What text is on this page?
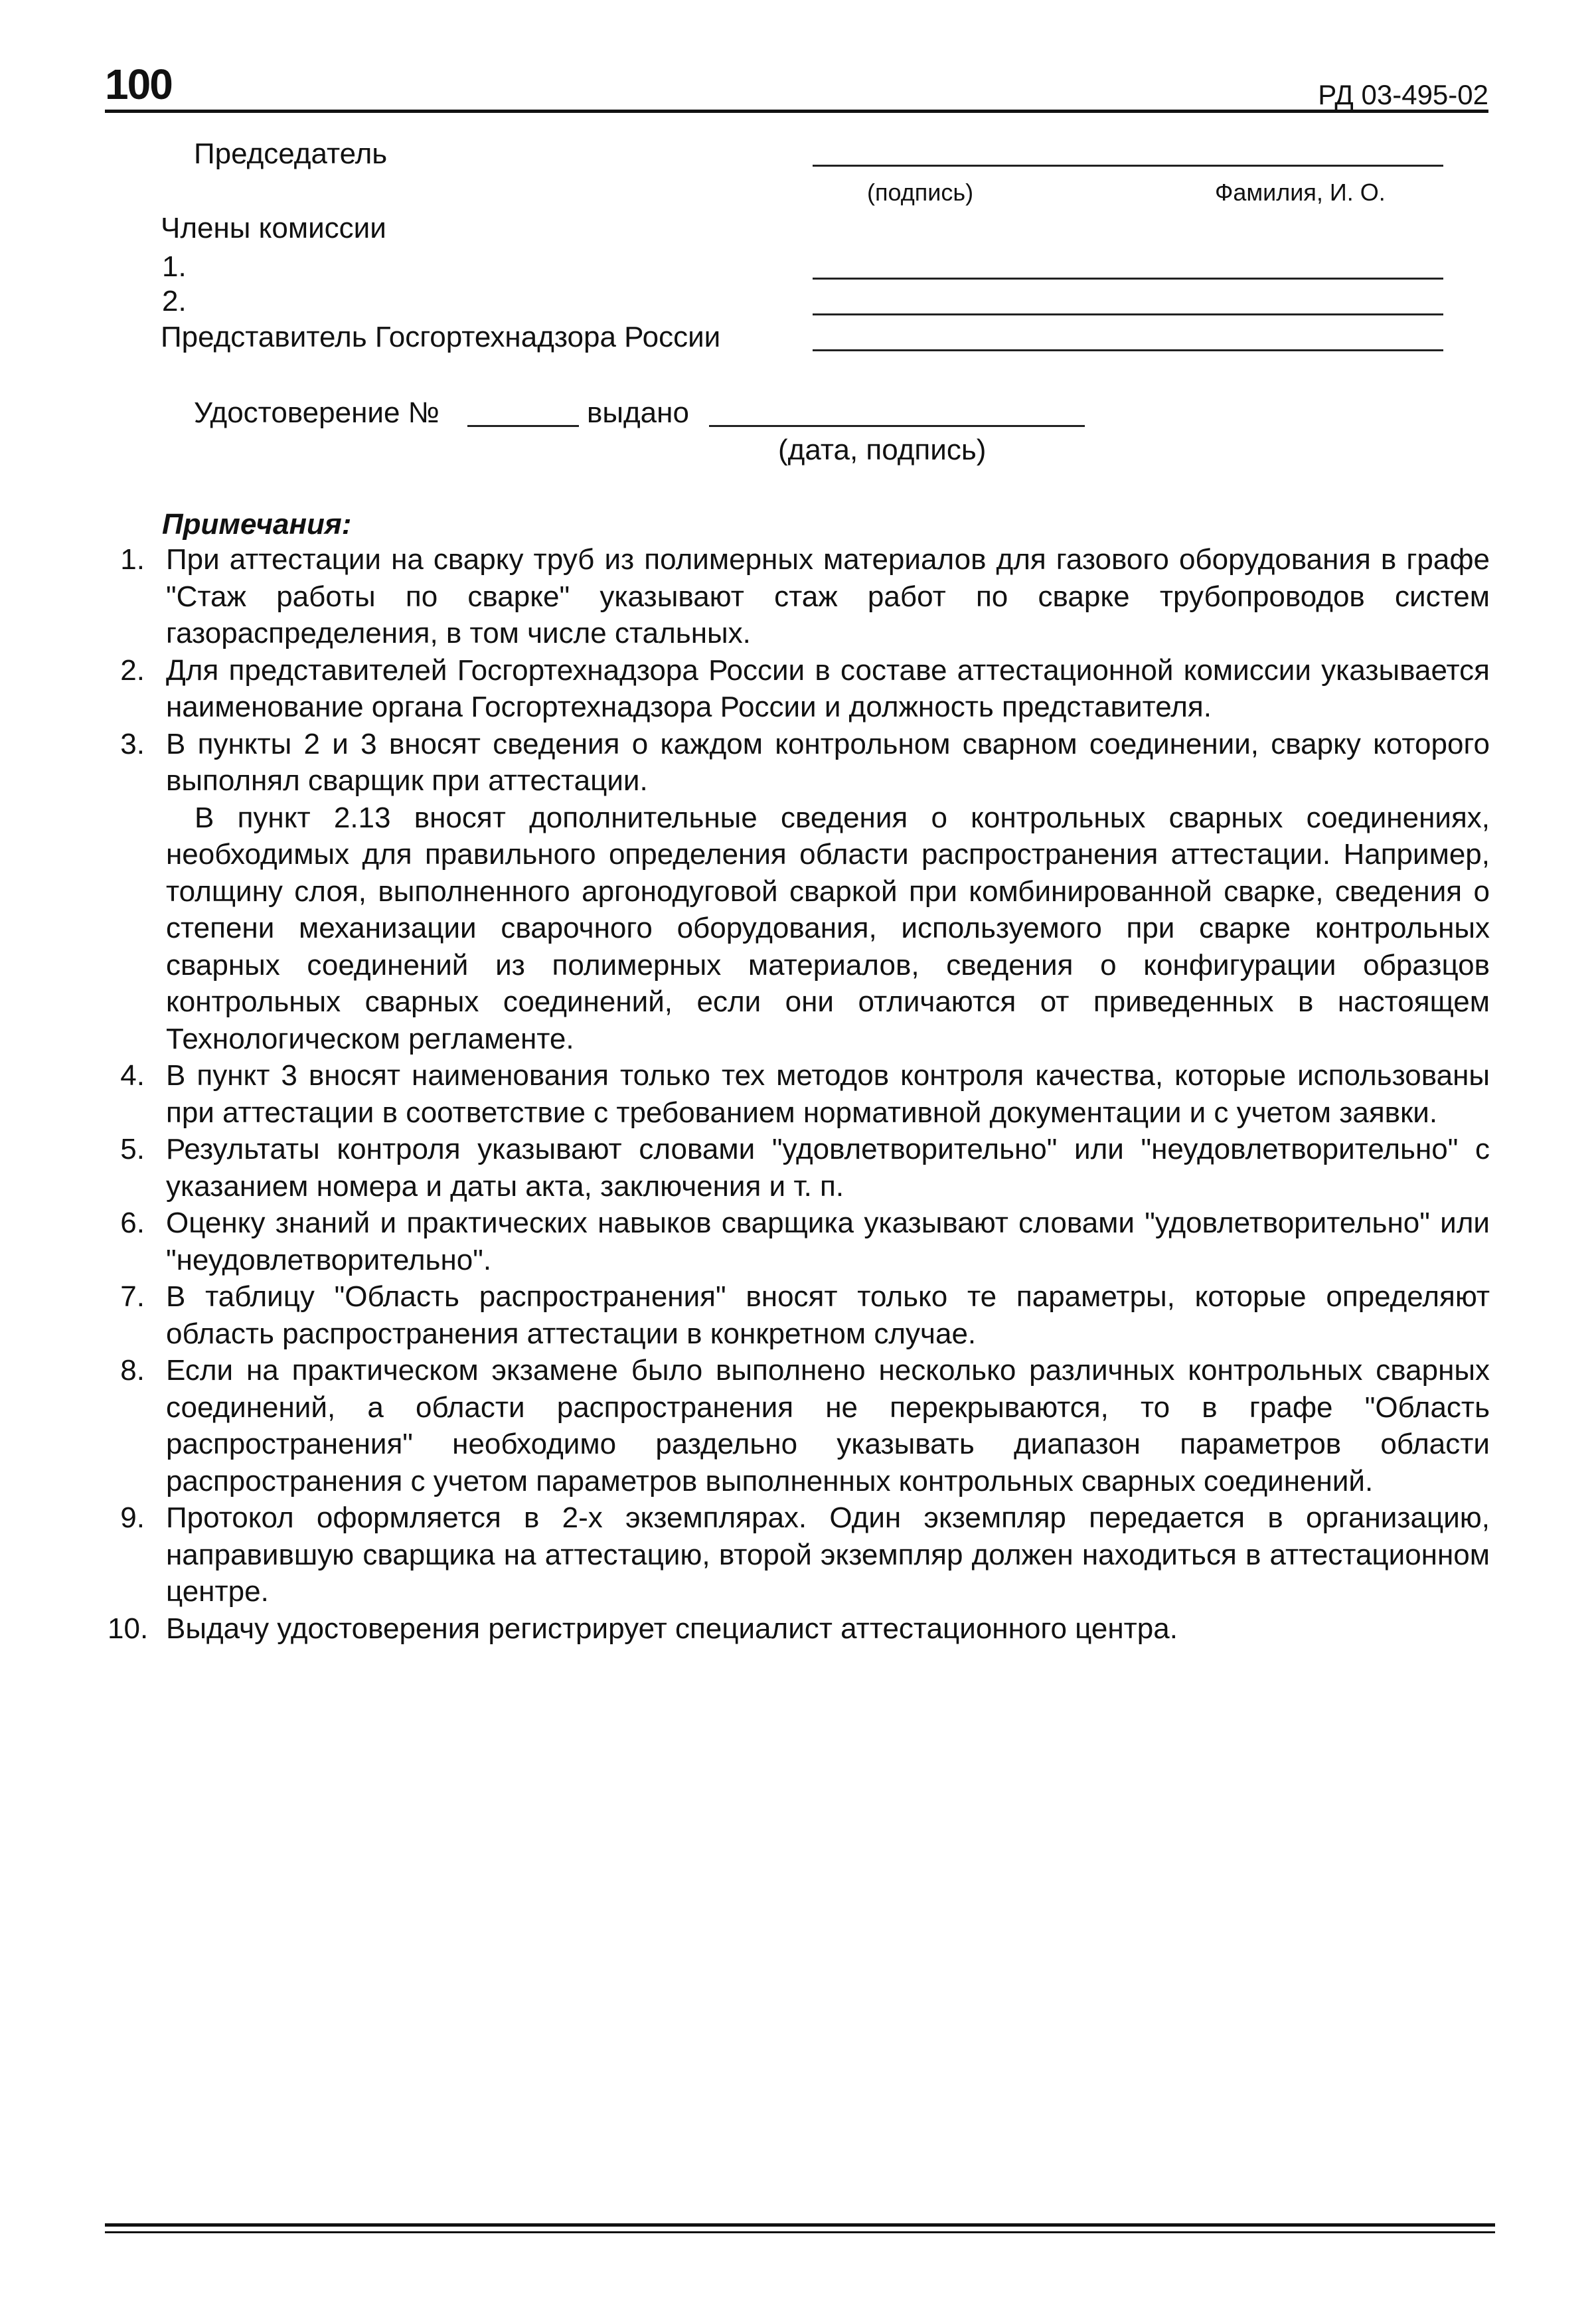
100	РД 03-495-02
Председатель
(подпись)	Фамилия, И. О.
Члены комиссии
1.
2.
Представитель Госгортехнадзора России
Удостоверение №	выдано
(дата, подпись)
Примечания:
1. При аттестации на сварку труб из полимерных материалов для газового оборудования в графе "Стаж работы по сварке" указывают стаж работ по сварке трубопроводов систем газораспределения, в том числе стальных.
2. Для представителей Госгортехнадзора России в составе аттестационной комиссии указывается наименование органа Госгортехнадзора России и должность представителя.
3. В пункты 2 и 3 вносят сведения о каждом контрольном сварном соединении, сварку которого выполнял сварщик при аттестации.
В пункт 2.13 вносят дополнительные сведения о контрольных сварных соединениях, необходимых для правильного определения области распространения аттестации. Например, толщину слоя, выполненного аргонодуговой сваркой при комбинированной сварке, сведения о степени механизации сварочного оборудования, используемого при сварке контрольных сварных соединений из полимерных материалов, сведения о конфигурации образцов контрольных сварных соединений, если они отличаются от приведенных в настоящем Технологическом регламенте.
4. В пункт 3 вносят наименования только тех методов контроля качества, которые использованы при аттестации в соответствие с требованием нормативной документации и с учетом заявки.
5. Результаты контроля указывают словами "удовлетворительно" или "неудовлетворительно" с указанием номера и даты акта, заключения и т. п.
6. Оценку знаний и практических навыков сварщика указывают словами "удовлетворительно" или "неудовлетворительно".
7. В таблицу "Область распространения" вносят только те параметры, которые определяют область распространения аттестации в конкретном случае.
8. Если на практическом экзамене было выполнено несколько различных контрольных сварных соединений, а области распространения не перекрываются, то в графе "Область распространения" необходимо раздельно указывать диапазон параметров области распространения с учетом параметров выполненных контрольных сварных соединений.
9. Протокол оформляется в 2-х экземплярах. Один экземпляр передается в организацию, направившую сварщика на аттестацию, второй экземпляр должен находиться в аттестационном центре.
10. Выдачу удостоверения регистрирует специалист аттестационного центра.
